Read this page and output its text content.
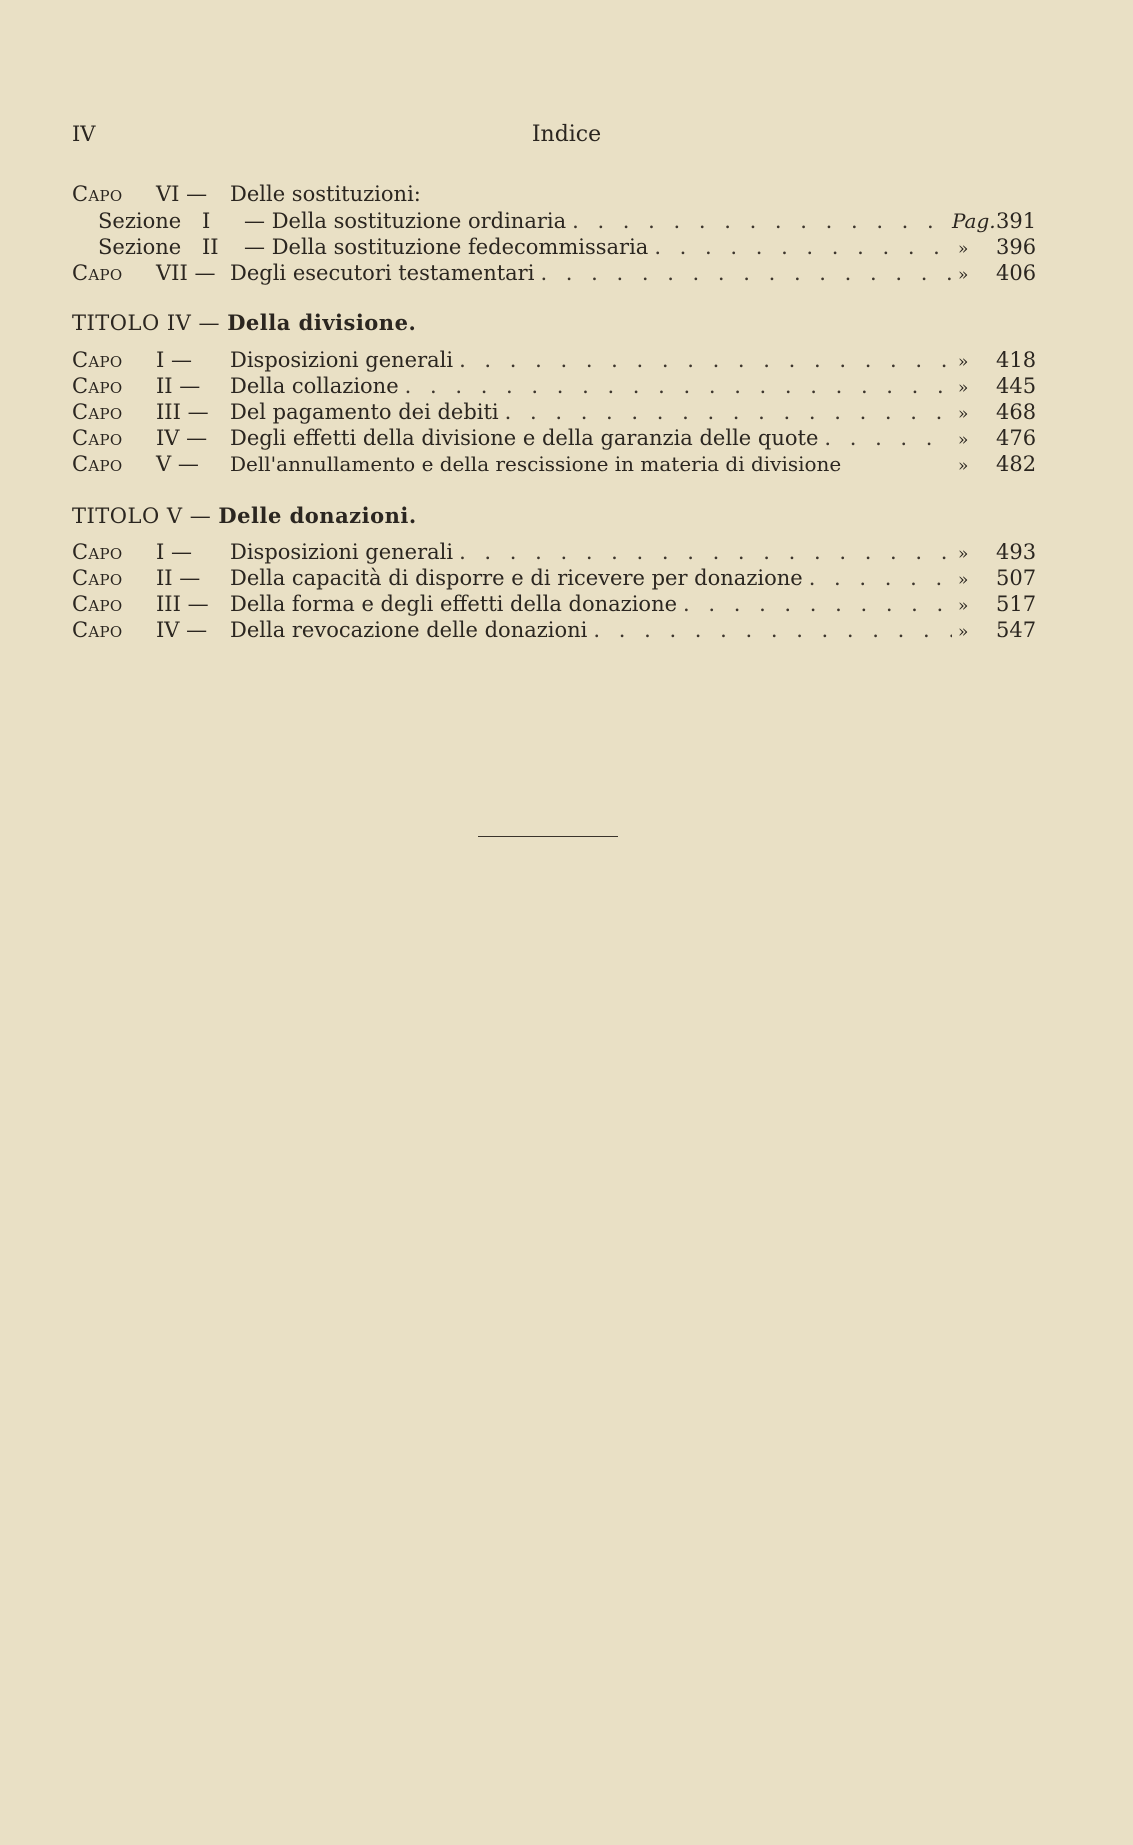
IV	Indice
Capo	VI —	Delle sostituzioni:
Sezione I	— Della sostituzione ordinaria . . .	Pag. 391
Sezione II	— Della sostituzione fedecommissaria . . .	»	396
Capo	VII — Degli esecutori testamentari . . .	»	406
TITOLO IV — Della divisione.
Capo	I —	Disposizioni generali . . .	»	418
Capo	II —	Della collazione . . .	»	445
Capo	III —	Del pagamento dei debiti . . .	»	468
Capo	IV —	Degli effetti della divisione e della garanzia delle quote . . .	»	476
Capo	V —	Dell'annullamento e della rescissione in materia di divisione	»	482
TITOLO V — Delle donazioni.
Capo	I —	Disposizioni generali . . .	»	493
Capo	II —	Della capacità di disporre e di ricevere per donazione . . .	»	507
Capo	III —	Della forma e degli effetti della donazione . . .	»	517
Capo	IV —	Della revocazione delle donazioni . . .	»	547
